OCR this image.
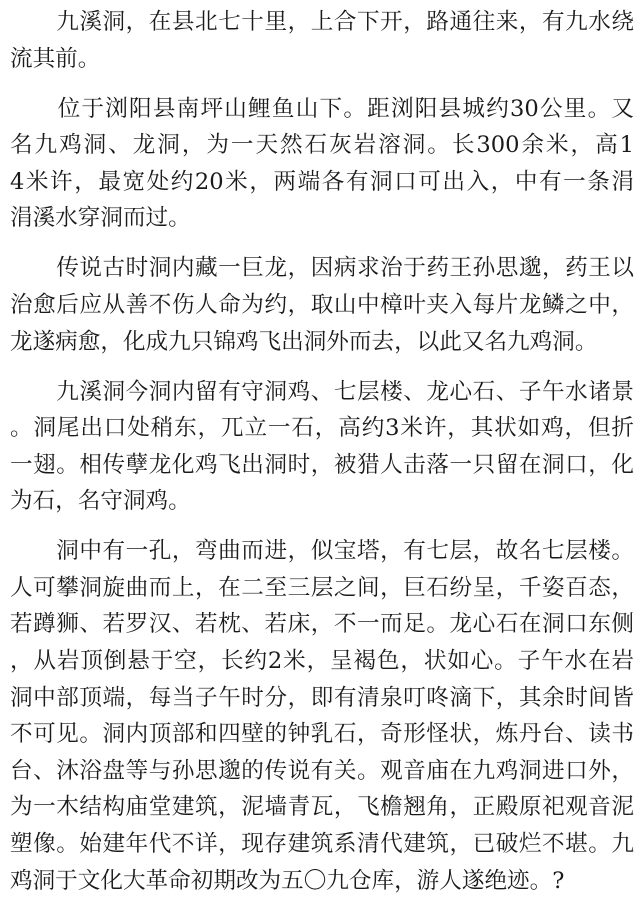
　　九溪洞，在县北七十里，上合下开，路通往来，有九水绕
流其前。

　　位于浏阳县南坪山鲤鱼山下。距浏阳县城约30公里。又
名九鸡洞、龙洞，为一天然石灰岩溶洞。长300余米，高1
4米许，最宽处约20米，两端各有洞口可出入，中有一条涓
涓溪水穿洞而过。

　　传说古时洞内藏一巨龙，因病求治于药王孙思邈，药王以
治愈后应从善不伤人命为约，取山中樟叶夹入每片龙鳞之中，
龙遂病愈，化成九只锦鸡飞出洞外而去，以此又名九鸡洞。

　　九溪洞今洞内留有守洞鸡、七层楼、龙心石、子午水诸景
。洞尾出口处稍东，兀立一石，高约3米许，其状如鸡，但折
一翅。相传孽龙化鸡飞出洞时，被猎人击落一只留在洞口，化
为石，名守洞鸡。

　　洞中有一孔，弯曲而进，似宝塔，有七层，故名七层楼。
人可攀洞旋曲而上，在二至三层之间，巨石纷呈，千姿百态，
若蹲狮、若罗汉、若枕、若床，不一而足。龙心石在洞口东侧
，从岩顶倒悬于空，长约2米，呈褐色，状如心。子午水在岩
洞中部顶端，每当子午时分，即有清泉叮咚滴下，其余时间皆
不可见。洞内顶部和四壁的钟乳石，奇形怪状，炼丹台、读书
台、沐浴盘等与孙思邈的传说有关。观音庙在九鸡洞进口外，
为一木结构庙堂建筑，泥墙青瓦，飞檐翘角，正殿原祀观音泥
塑像。始建年代不详，现存建筑系清代建筑，已破烂不堪。九
鸡洞于文化大革命初期改为五〇九仓库，游人遂绝迹。?
